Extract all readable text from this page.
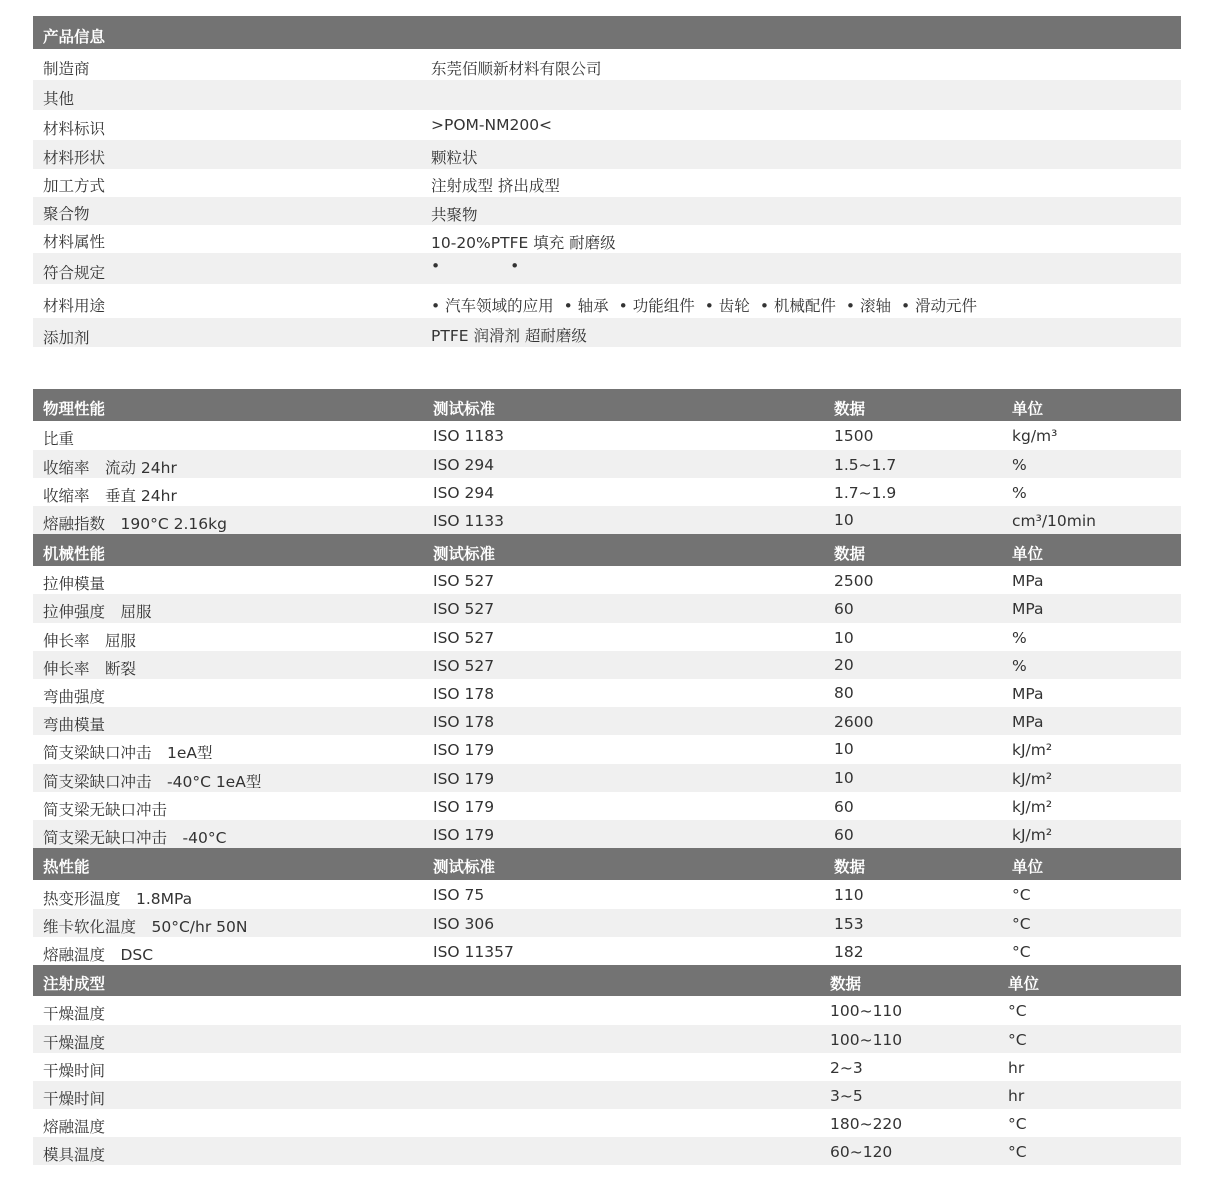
产品信息
制造商	东莞佰顺新材料有限公司
其他
材料标识	>POM-NM200<
材料形状	颗粒状
加工方式	注射成型 挤出成型
聚合物	共聚物
材料属性	10-20%PTFE 填充 耐磨级
符合规定	•	•
材料用途	• 汽车领域的应用 • 轴承 • 功能组件 • 齿轮 • 机械配件 • 滚轴 • 滑动元件
添加剂	PTFE 润滑剂 超耐磨级
物理性能	测试标准	数据	单位
比重	ISO 1183	1500	kg/m³
收缩率　流动 24hr	ISO 294	1.5~1.7	%
收缩率　垂直 24hr	ISO 294	1.7~1.9	%
熔融指数　190°C 2.16kg	ISO 1133	10	cm³/10min
机械性能	测试标准	数据	单位
拉伸模量	ISO 527	2500	MPa
拉伸强度　屈服	ISO 527	60	MPa
伸长率　屈服	ISO 527	10	%
伸长率　断裂	ISO 527	20	%
弯曲强度	ISO 178	80	MPa
弯曲模量	ISO 178	2600	MPa
简支梁缺口冲击　1eA型	ISO 179	10	kJ/m²
简支梁缺口冲击　-40°C 1eA型	ISO 179	10	kJ/m²
简支梁无缺口冲击	ISO 179	60	kJ/m²
简支梁无缺口冲击　-40°C	ISO 179	60	kJ/m²
热性能	测试标准	数据	单位
热变形温度　1.8MPa	ISO 75	110	°C
维卡软化温度　50°C/hr 50N	ISO 306	153	°C
熔融温度　DSC	ISO 11357	182	°C
注射成型	数据	单位
干燥温度	100~110	°C
干燥温度	100~110	°C
干燥时间	2~3	hr
干燥时间	3~5	hr
熔融温度	180~220	°C
模具温度	60~120	°C
